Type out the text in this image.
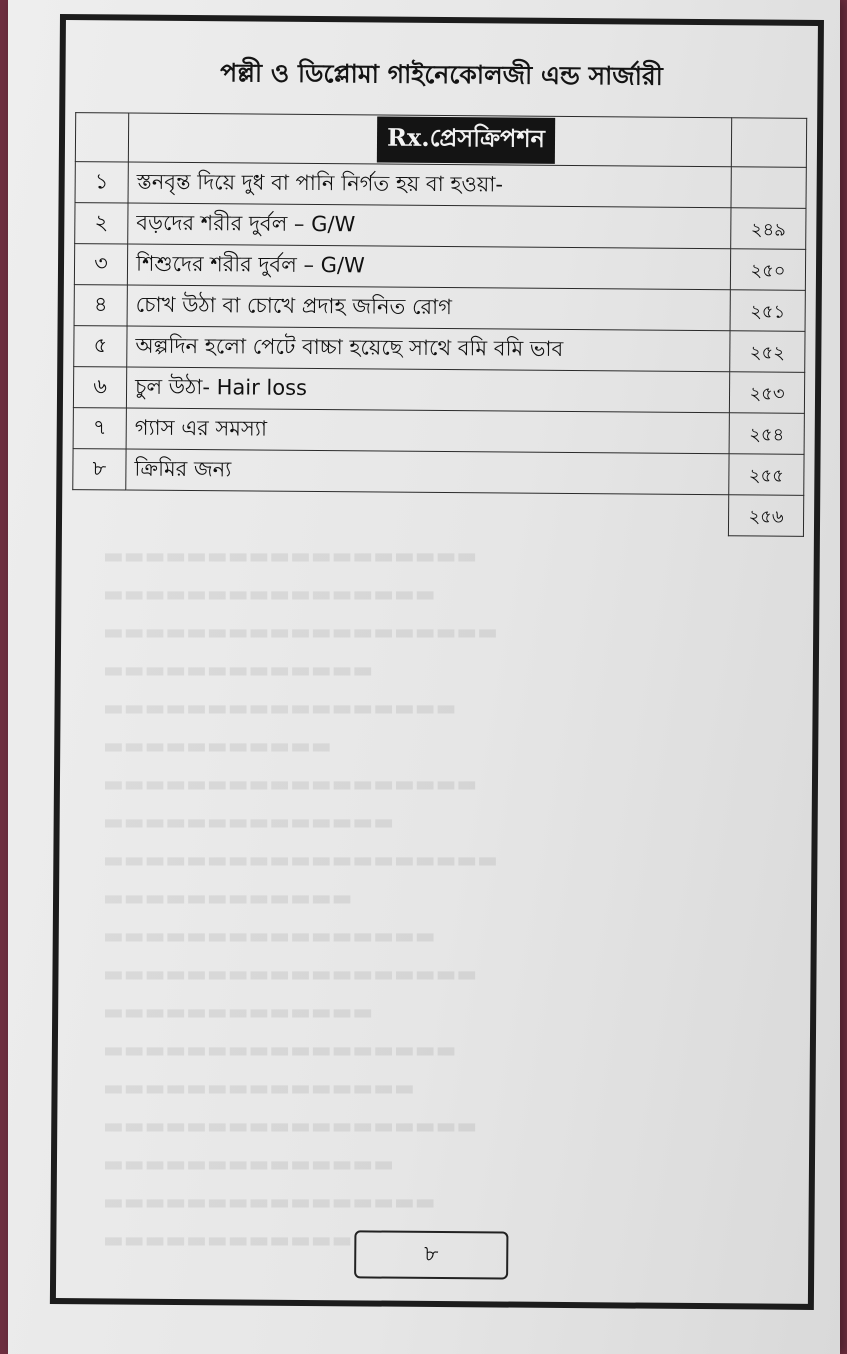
▬▬▬▬▬▬▬▬▬▬▬▬▬▬▬▬▬▬
▬▬▬▬▬▬▬▬▬▬▬▬▬▬▬▬
▬▬▬▬▬▬▬▬▬▬▬▬▬▬▬▬▬▬▬
▬▬▬▬▬▬▬▬▬▬▬▬▬
▬▬▬▬▬▬▬▬▬▬▬▬▬▬▬▬▬
▬▬▬▬▬▬▬▬▬▬▬
▬▬▬▬▬▬▬▬▬▬▬▬▬▬▬▬▬▬
▬▬▬▬▬▬▬▬▬▬▬▬▬▬
▬▬▬▬▬▬▬▬▬▬▬▬▬▬▬▬▬▬▬
▬▬▬▬▬▬▬▬▬▬▬▬
▬▬▬▬▬▬▬▬▬▬▬▬▬▬▬▬
▬▬▬▬▬▬▬▬▬▬▬▬▬▬▬▬▬▬
▬▬▬▬▬▬▬▬▬▬▬▬▬
▬▬▬▬▬▬▬▬▬▬▬▬▬▬▬▬▬
▬▬▬▬▬▬▬▬▬▬▬▬▬▬▬
▬▬▬▬▬▬▬▬▬▬▬▬▬▬▬▬▬▬
▬▬▬▬▬▬▬▬▬▬▬▬▬▬
▬▬▬▬▬▬▬▬▬▬▬▬▬▬▬▬
▬▬▬▬▬▬▬▬▬▬▬▬

পল্লী ও ডিপ্লোমা গাইনেকোলজী এন্ড সার্জারী
	Rx.প্রেসক্রিপশন	
১	স্তনবৃন্ত দিয়ে দুধ বা পানি নির্গত হয় বা হওয়া-	
২	বড়দের শরীর দুর্বল – G/W	২৪৯
৩	শিশুদের শরীর দুর্বল – G/W	২৫০
৪	চোখ উঠা বা চোখে প্রদাহ জনিত রোগ	২৫১
৫	অল্পদিন হলো পেটে বাচ্চা হয়েছে সাথে বমি বমি ভাব	২৫২
৬	চুল উঠা- Hair loss	২৫৩
৭	গ্যাস এর সমস্যা	২৫৪
৮	ক্রিমির জন্য	২৫৫
		২৫৬
৮
